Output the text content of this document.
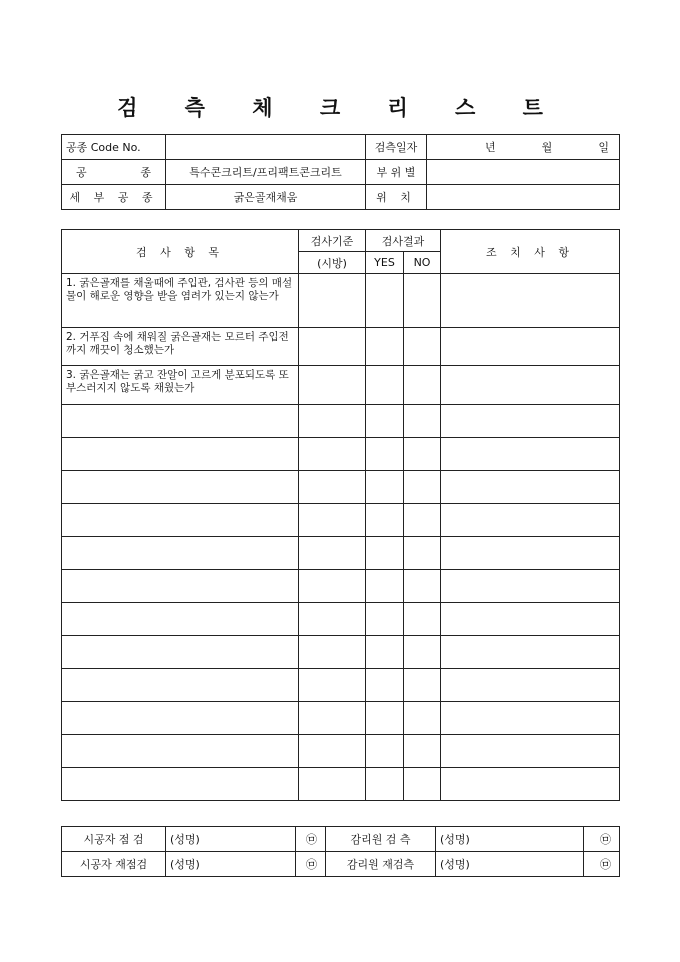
검 측 체 크 리 스 트
공종 Code No.		검측일자	년 월 일

공 종	특수콘크리트/프리팩트콘크리트	부 위 별	
세 부 공 종	굵은골재채움	위 치	
검 사 항 목	검사기준	검사결과		조 치 사 항
	(시방)	YES	NO	
1. 굵은골재를 채울때에 주입관, 검사관 등의 매설 물이 해로운 영향을 받을 염려가 있는지 않는가				
2. 거푸집 속에 채워질 굵은골재는 모르터 주입전까지 깨끗이 청소했는가				
3. 굵은골재는 굵고 잔알이 고르게 분포되도록 또 부스러지지 않도록 채웠는가				

시공자 점 검	(성명)	㉤	감리원 검 측	(성명)	㉤
시공자 재점검	(성명)	㉤	감리원 재검측	(성명)	㉤
